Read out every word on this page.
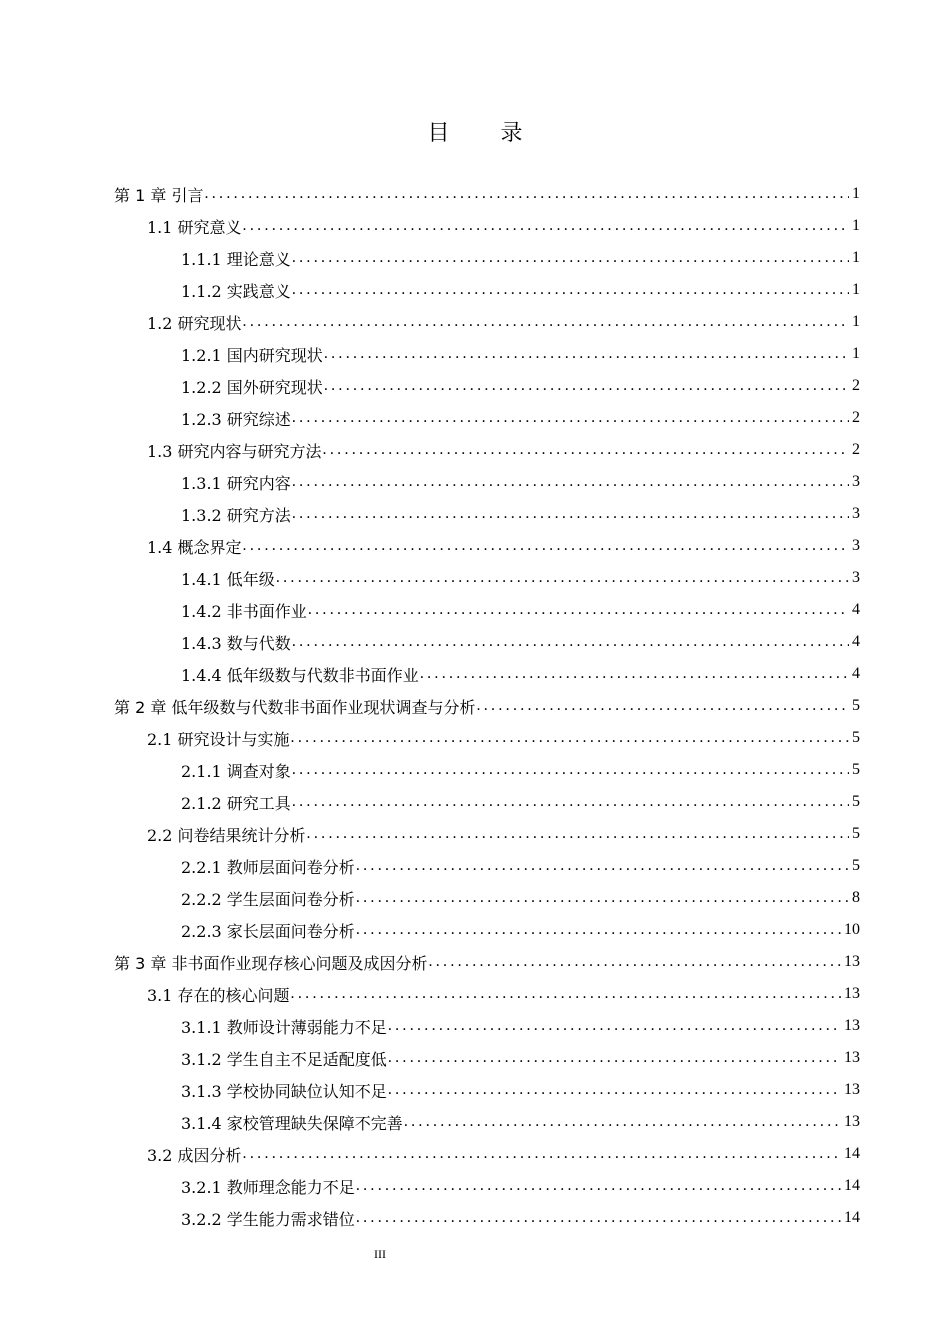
目 录
第 1 章 引言 .....	1
1.1 研究意义 .....	1
1.1.1 理论意义 .....	1
1.1.2 实践意义 .....	1
1.2 研究现状 .....	1
1.2.1 国内研究现状 .....	1
1.2.2 国外研究现状 .....	2
1.2.3 研究综述 .....	2
1.3 研究内容与研究方法 .....	2
1.3.1 研究内容 .....	3
1.3.2 研究方法 .....	3
1.4 概念界定 .....	3
1.4.1 低年级 .....	3
1.4.2 非书面作业 .....	4
1.4.3 数与代数 .....	4
1.4.4 低年级数与代数非书面作业 .....	4
第 2 章 低年级数与代数非书面作业现状调查与分析 .....	5
2.1 研究设计与实施 .....	5
2.1.1 调查对象 .....	5
2.1.2 研究工具 .....	5
2.2 问卷结果统计分析 .....	5
2.2.1 教师层面问卷分析 .....	5
2.2.2 学生层面问卷分析 .....	8
2.2.3 家长层面问卷分析 .....	10
第 3 章 非书面作业现存核心问题及成因分析 .....	13
3.1 存在的核心问题 .....	13
3.1.1 教师设计薄弱能力不足 .....	13
3.1.2 学生自主不足适配度低 .....	13
3.1.3 学校协同缺位认知不足 .....	13
3.1.4 家校管理缺失保障不完善 .....	13
3.2 成因分析 .....	14
3.2.1 教师理念能力不足 .....	14
3.2.2 学生能力需求错位 .....	14
III
